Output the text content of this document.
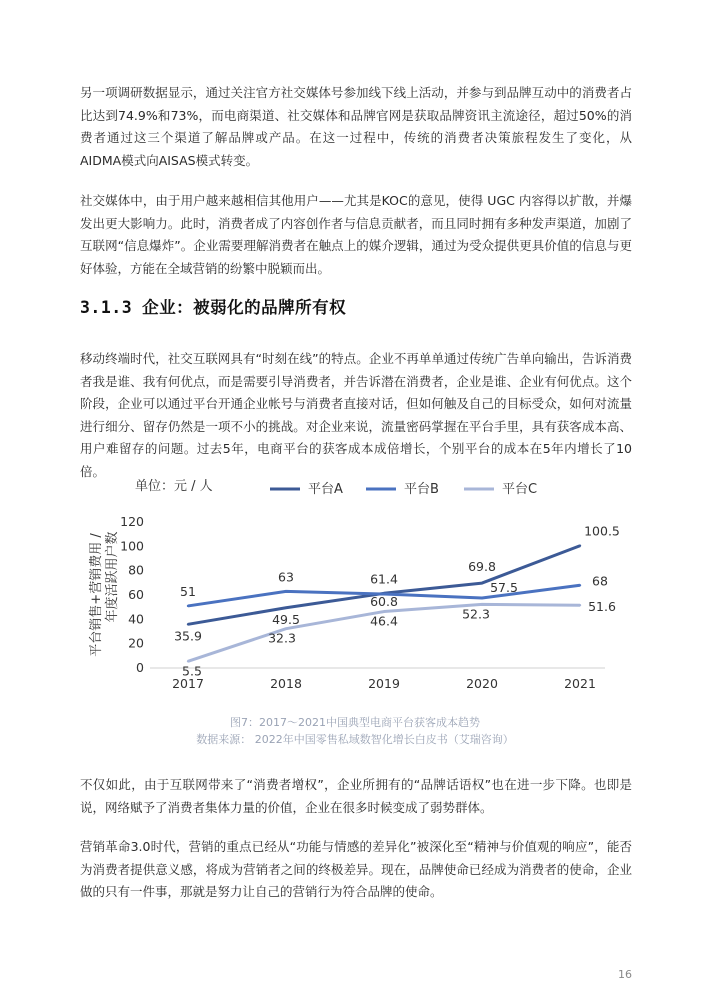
另一项调研数据显示，通过关注官方社交媒体号参加线下线上活动，并参与到品牌互动中的消费者占比达到74.9%和73%，而电商渠道、社交媒体和品牌官网是获取品牌资讯主流途径，超过50%的消费者通过这三个渠道了解品牌或产品。在这一过程中，传统的消费者决策旅程发生了变化，从AIDMA模式向AISAS模式转变。

社交媒体中，由于用户越来越相信其他用户——尤其是KOC的意见，使得 UGC 内容得以扩散，并爆发出更大影响力。此时，消费者成了内容创作者与信息贡献者，而且同时拥有多种发声渠道，加剧了互联网“信息爆炸”。企业需要理解消费者在触点上的媒介逻辑，通过为受众提供更具价值的信息与更好体验，方能在全域营销的纷繁中脱颖而出。

3.1.3 企业：被弱化的品牌所有权

移动终端时代，社交互联网具有“时刻在线”的特点。企业不再单单通过传统广告单向输出，告诉消费者我是谁、我有何优点，而是需要引导消费者，并告诉潜在消费者，企业是谁、企业有何优点。这个阶段，企业可以通过平台开通企业帐号与消费者直接对话，但如何触及自己的目标受众，如何对流量进行细分、留存仍然是一项不小的挑战。对企业来说，流量密码掌握在平台手里，具有获客成本高、用户难留存的问题。过去5年，电商平台的获客成本成倍增长，个别平台的成本在5年内增长了10倍。

平台销售+营销费用 / 年度活跃用户数
单位：元 / 人	平台A	平台B	平台C
0
20
40
60
80
100
120
2017	2018	2019	2020	2021
35.9
49.5
61.4
69.8
100.5
51
63
60.8
57.5	68
5.5
32.3
46.4	52.3	51.6

图7：2017～2021中国典型电商平台获客成本趋势

数据来源： 2022年中国零售私域数智化增长白皮书（艾瑞咨询）

不仅如此，由于互联网带来了“消费者增权”，企业所拥有的“品牌话语权”也在进一步下降。也即是说，网络赋予了消费者集体力量的价值，企业在很多时候变成了弱势群体。

营销革命3.0时代，营销的重点已经从“功能与情感的差异化”被深化至“精神与价值观的响应”，能否为消费者提供意义感，将成为营销者之间的终极差异。现在，品牌使命已经成为消费者的使命，企业做的只有一件事，那就是努力让自己的营销行为符合品牌的使命。

16
